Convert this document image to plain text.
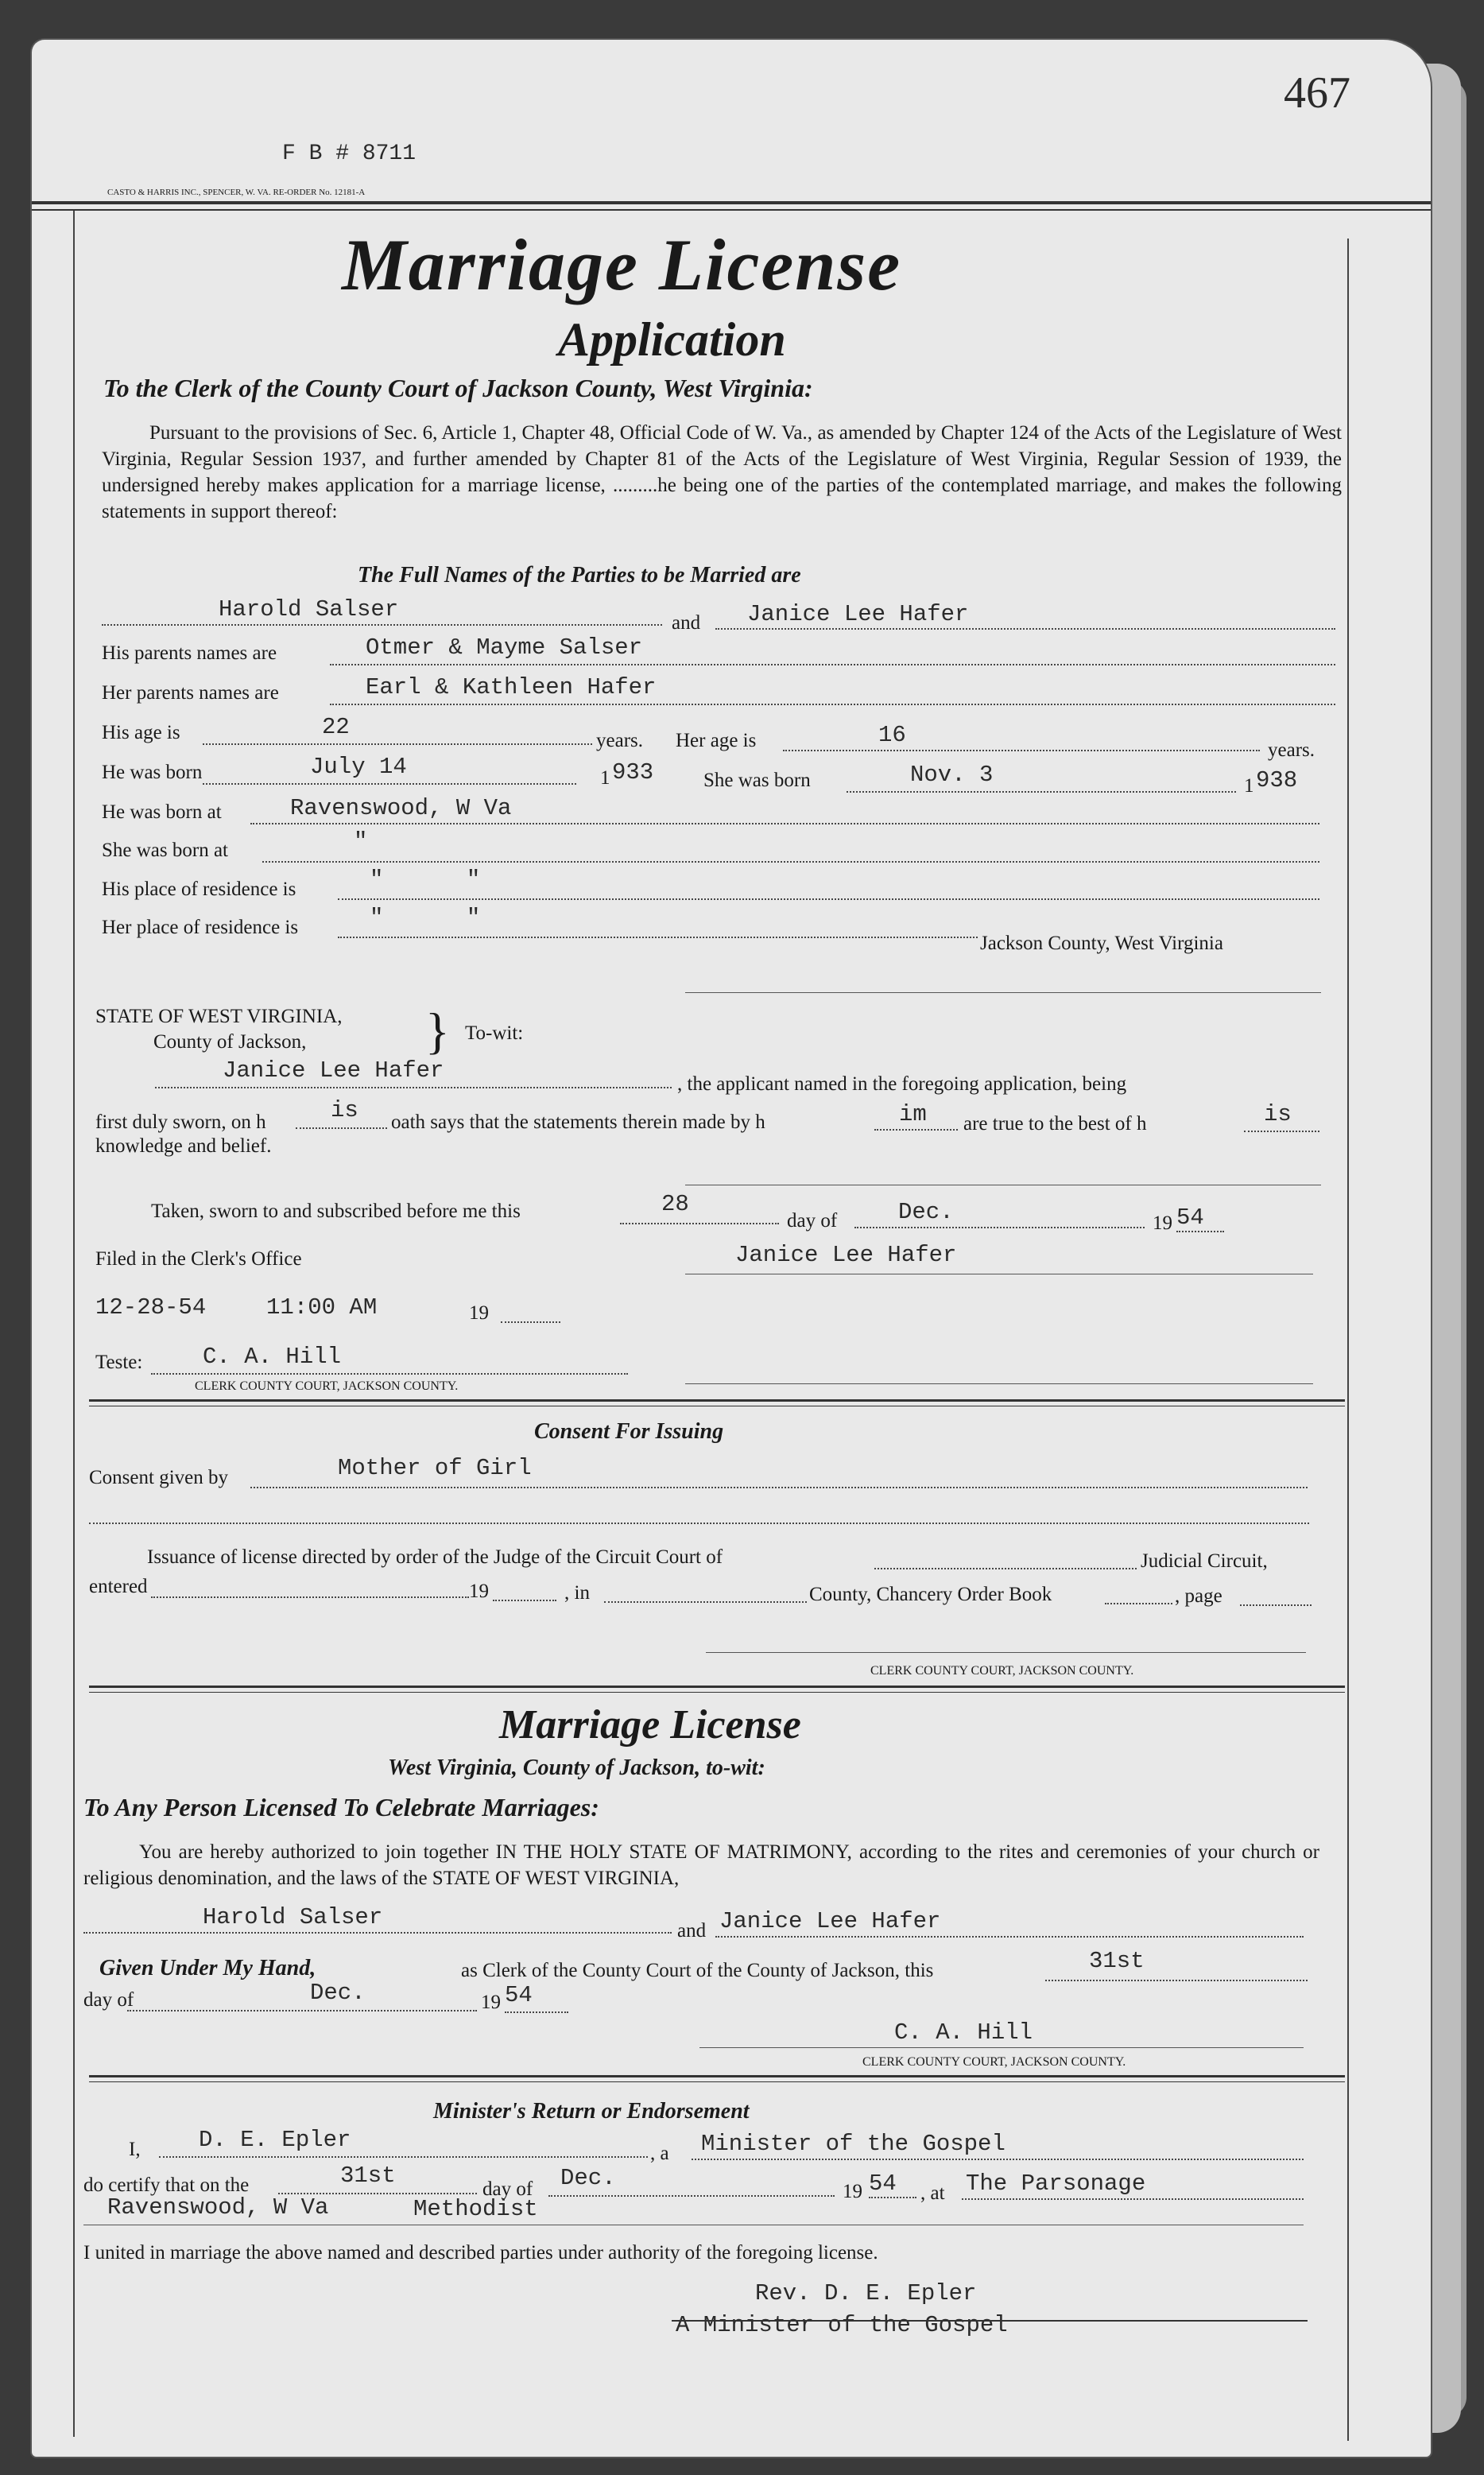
467
F B # 8711
CASTO & HARRIS INC., SPENCER, W. VA. RE-ORDER No. 12181-A
Marriage License
Application
To the Clerk of the County Court of Jackson County, West Virginia:
Pursuant to the provisions of Sec. 6, Article 1, Chapter 48, Official Code of W. Va., as amended by Chapter 124 of the Acts of the Legislature of West Virginia, Regular Session 1937, and further amended by Chapter 81 of the Acts of the Legislature of West Virginia, Regular Session of 1939, the undersigned hereby makes application for a marriage license, .........he being one of the parties of the contemplated marriage, and makes the following statements in support thereof:
The Full Names of the Parties to be Married are
Harold Salser
and Janice Lee Hafer
His parents names are	Otmer & Mayme Salser
Her parents names are	Earl & Kathleen Hafer
His age is	22
years. Her age is	16
years.
He was born	July 14	1 933	She was born	Nov. 3	1 938
He was born at	Ravenswood, W Va
She was born at	"
His place of residence is	"      "
Her place of residence is	"      "
Jackson County, West Virginia
STATE OF WEST VIRGINIA,
County of Jackson, } To-wit:
Janice Lee Hafer
, the applicant named in the foregoing application, being
first duly sworn, on h	is oath says that the statements therein made by h	im are true to the best of h	is
knowledge and belief.
Taken, sworn to and subscribed before me this	28
day of	Dec.	19 54
Filed in the Clerk's Office	Janice Lee Hafer
12-28-54	11:00 AM	19
Teste:	C. A. Hill
CLERK COUNTY COURT, JACKSON COUNTY.
Consent For Issuing
Consent given by	Mother of Girl
Issuance of license directed by order of the Judge of the Circuit Court of	Judicial Circuit,
entered	19	, in	County, Chancery Order Book	, page
CLERK COUNTY COURT, JACKSON COUNTY.
Marriage License
West Virginia, County of Jackson, to-wit:
To Any Person Licensed To Celebrate Marriages:
You are hereby authorized to join together IN THE HOLY STATE OF MATRIMONY, according to the rites and ceremonies of your church or religious denomination, and the laws of the STATE OF WEST VIRGINIA,
Harold Salser
and Janice Lee Hafer
Given Under My Hand,	as Clerk of the County Court of the County of Jackson, this	31st
day of	Dec.	19 54
C. A. Hill
CLERK COUNTY COURT, JACKSON COUNTY.
Minister's Return or Endorsement
I,	D. E. Epler
, a Minister of the Gospel
do certify that on the	31st
day of Dec.
19 54 , at The Parsonage
Ravenswood, W Va	Methodist
I united in marriage the above named and described parties under authority of the foregoing license.
Rev. D. E. Epler
A Minister of the Gospel
